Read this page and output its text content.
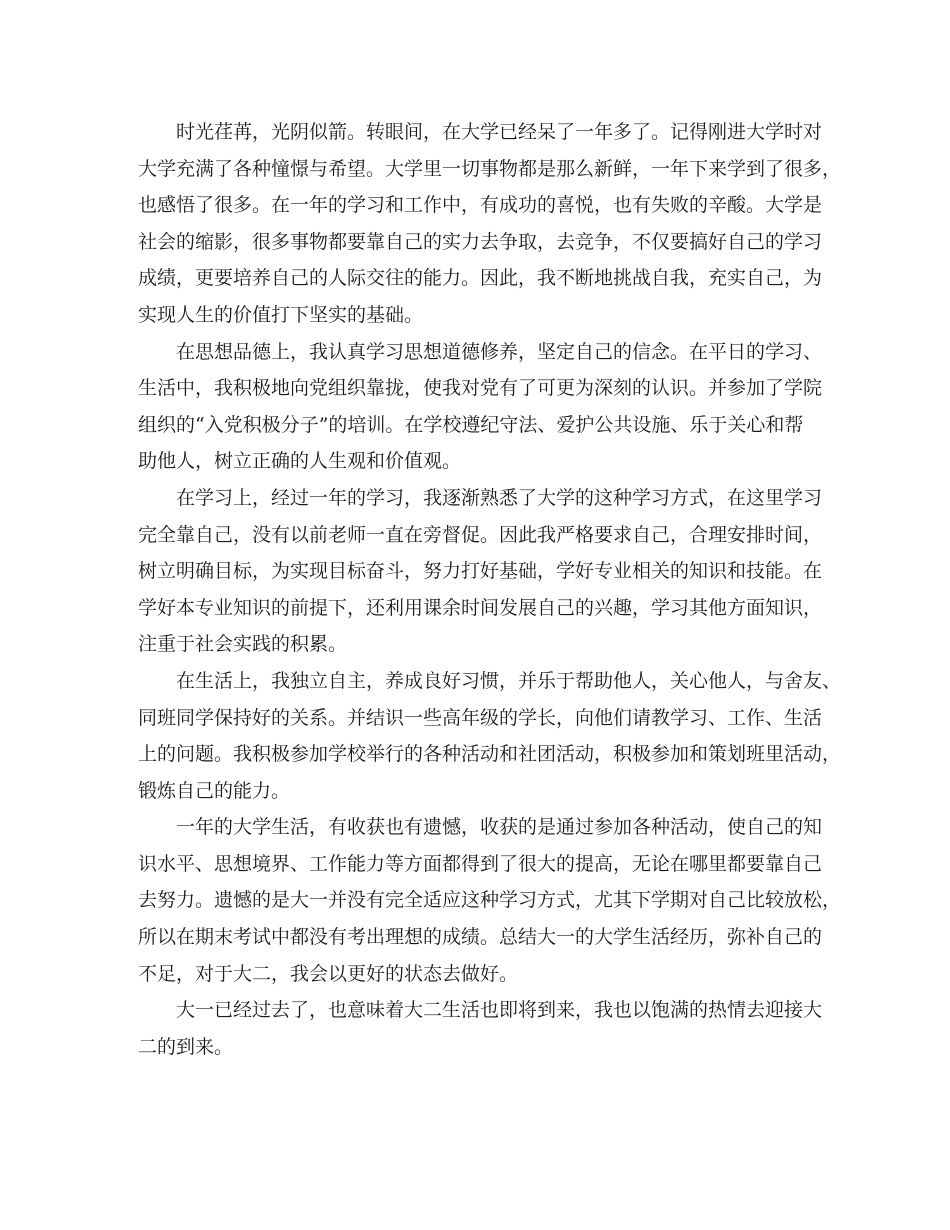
时光荏苒，光阴似箭。转眼间，在大学已经呆了一年多了。记得刚进大学时对
大学充满了各种憧憬与希望。大学里一切事物都是那么新鲜，一年下来学到了很多，
也感悟了很多。在一年的学习和工作中，有成功的喜悦，也有失败的辛酸。大学是
社会的缩影，很多事物都要靠自己的实力去争取，去竞争，不仅要搞好自己的学习
成绩，更要培养自己的人际交往的能力。因此，我不断地挑战自我，充实自己，为
实现人生的价值打下坚实的基础。
在思想品德上，我认真学习思想道德修养，坚定自己的信念。在平日的学习、
生活中，我积极地向党组织靠拢，使我对党有了可更为深刻的认识。并参加了学院
组织的“入党积极分子”的培训。在学校遵纪守法、爱护公共设施、乐于关心和帮
助他人，树立正确的人生观和价值观。
在学习上，经过一年的学习，我逐渐熟悉了大学的这种学习方式，在这里学习
完全靠自己，没有以前老师一直在旁督促。因此我严格要求自己，合理安排时间，
树立明确目标，为实现目标奋斗，努力打好基础，学好专业相关的知识和技能。在
学好本专业知识的前提下，还利用课余时间发展自己的兴趣，学习其他方面知识，
注重于社会实践的积累。
在生活上，我独立自主，养成良好习惯，并乐于帮助他人，关心他人，与舍友、
同班同学保持好的关系。并结识一些高年级的学长，向他们请教学习、工作、生活
上的问题。我积极参加学校举行的各种活动和社团活动，积极参加和策划班里活动，
锻炼自己的能力。
一年的大学生活，有收获也有遗憾，收获的是通过参加各种活动，使自己的知
识水平、思想境界、工作能力等方面都得到了很大的提高，无论在哪里都要靠自己
去努力。遗憾的是大一并没有完全适应这种学习方式，尤其下学期对自己比较放松，
所以在期末考试中都没有考出理想的成绩。总结大一的大学生活经历，弥补自己的
不足，对于大二，我会以更好的状态去做好。
大一已经过去了，也意味着大二生活也即将到来，我也以饱满的热情去迎接大
二的到来。
